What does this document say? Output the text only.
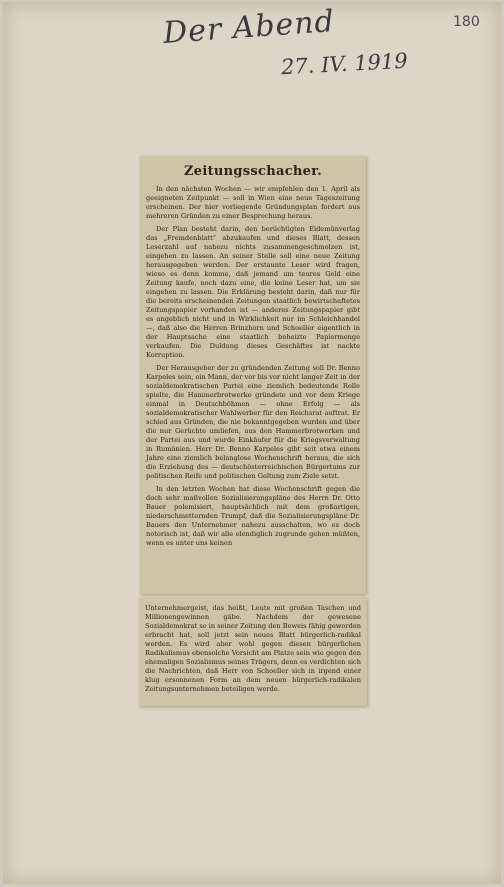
Der Abend
27. IV. 1919
180
Zeitungsschacher.

In den nächsten Wochen — wir empfehlen den 1. April als geeigneten Zeitpunkt — soll in Wien eine neue Tageszeitung erscheinen. Der hier vorliegende Gründungsplan fordert aus mehreren Gründen zu einer Besprechung heraus.

Der Plan besteht darin, den berüchtigten Eidemünverlag das „Fremdenblatt“ abzukaufen und dieses Blatt, dessen Leserzahl auf nahezu nichts zusammengeschmolzen ist, eingehen zu lassen. An seiner Stelle soll eine neue Zeitung herausgegeben werden. Der erstaunte Leser wird fragen, wieso es denn komme, daß jemand um teures Geld eine Zeitung kaufe, noch dazu eine, die keine Leser hat, um sie eingehen zu lassen. Die Erklärung besteht darin, daß nur für die bereits erscheinenden Zeitungen staatlich bewirtschaftetes Zeitungspapier vorhanden ist — anderes Zeitungspapier gibt es angeblich nicht und in Wirklichkeit nur im Schleichhandel —, daß also die Herren Brinzhorn und Schoeller eigentlich in der Hauptsache eine staatlich beheizte Papiermenge verkaufen. Die Duldung dieses Geschäftes ist nackte Korruption.

Der Herausgeber der zu gründenden Zeitung soll Dr. Benno Karpeles sein, ein Mann, der vor bis vor nicht langer Zeit in der sozialdemokratischen Partei eine ziemlich bedeutende Rolle spielte, die Hammerbrotwerke gründete und vor dem Kriege einmal in Deutschböhmen — ohne Erfolg — als sozialdemokratischer Wahlwerber für den Reichsrat auftrat. Er schied aus Gründen, die nie bekanntgegeben wurden und über die nur Gerüchte umliefen, aus den Hammerbrotwerken und der Partei aus und wurde Einkäufer für die Kriegsverwaltung in Rumänien. Herr Dr. Benno Karpeles gibt seit etwa einem Jahre eine ziemlich belanglose Wochenschrift heraus, die sich die Erziehung des — deutschösterreichischen Bürgertums zur politischen Reife und politischen Geltung zum Ziele setzt.

In den letzten Wochen hat diese Wochenschrift gegen die doch sehr maßvollen Sozialisierungspläne des Herrn Dr. Otto Bauer polemisiert, hauptsächlich mit dem großartigen, niederschmetternden Trumpf, daß die Sozialisierungspläne Dr. Bauers den Unternehmer nahezu ausschalten, wo es doch notorisch ist, daß wir alle elendiglich zugrunde gehen müßten, wenn es unter uns keinen

Unternehmergeist, das heißt, Leute mit großen Taschen und Millionengewinnen gäbe. Nachdem der gewesene Sozialdemokrat so in seiner Zeitung den Beweis fähig geworden erbracht hat, soll jetzt sein neues Blatt bürgerlich-radikal werden. Es wird aber wohl gegen diesen bürgerlichen Radikalismus ebensolche Vorsicht am Platze sein wie gegen den ehemaligen Sozialismus seines Trägers, denn es verdichten sich die Nachrichten, daß Herr von Schoeller sich in irgend einer klug ersonnenen Form an dem neuen bürgerlich-radikalen Zeitungsunternehmen beteiligen werde.
